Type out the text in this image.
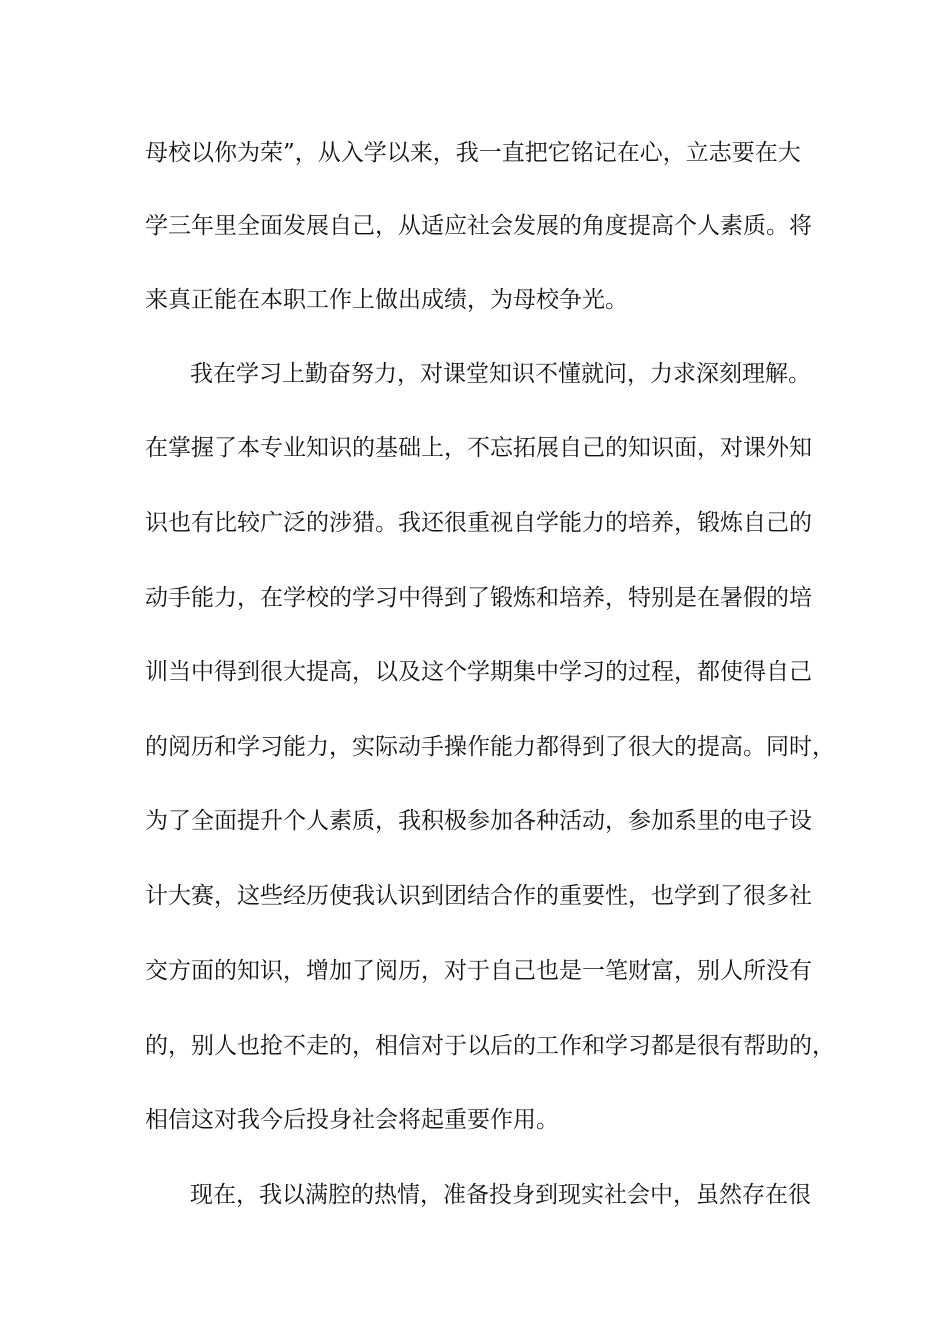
母校以你为荣”，从入学以来，我一直把它铭记在心，立志要在大
学三年里全面发展自己，从适应社会发展的角度提高个人素质。将
来真正能在本职工作上做出成绩，为母校争光。
我在学习上勤奋努力，对课堂知识不懂就问，力求深刻理解。
在掌握了本专业知识的基础上，不忘拓展自己的知识面，对课外知
识也有比较广泛的涉猎。我还很重视自学能力的培养，锻炼自己的
动手能力，在学校的学习中得到了锻炼和培养，特别是在暑假的培
训当中得到很大提高，以及这个学期集中学习的过程，都使得自己
的阅历和学习能力，实际动手操作能力都得到了很大的提高。同时，
为了全面提升个人素质，我积极参加各种活动，参加系里的电子设
计大赛，这些经历使我认识到团结合作的重要性，也学到了很多社
交方面的知识，增加了阅历，对于自己也是一笔财富，别人所没有
的，别人也抢不走的，相信对于以后的工作和学习都是很有帮助的，
相信这对我今后投身社会将起重要作用。
现在，我以满腔的热情，准备投身到现实社会中，虽然存在很
